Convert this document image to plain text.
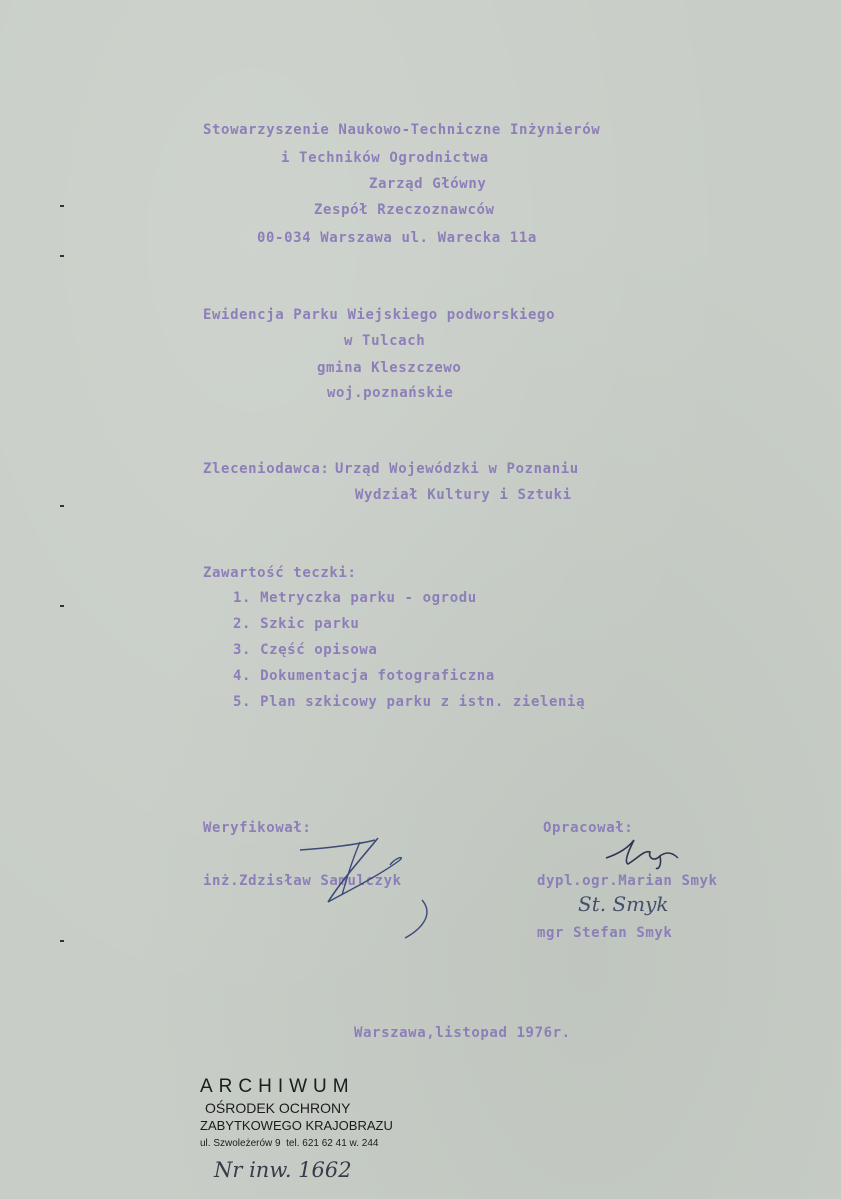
Stowarzyszenie Naukowo-Techniczne Inżynierów

i Techników Ogrodnictwa

Zarząd Główny

Zespół Rzeczoznawców

00-034 Warszawa ul. Warecka 11a

Ewidencja Parku Wiejskiego podworskiego

w Tulcach

gmina Kleszczewo

woj.poznańskie

Zleceniodawca: Urząd Wojewódzki w Poznaniu

Wydział Kultury i Sztuki

Zawartość teczki:

1. Metryczka parku - ogrodu

2. Szkic parku

3. Część opisowa

4. Dokumentacja fotograficzna

5. Plan szkicowy parku z istn. zielenią

Weryfikował:

inż.Zdzisław Samulczyk

Opracował:

dypl.ogr.Marian Smyk

mgr Stefan Smyk

St. Smyk

Warszawa,listopad 1976r.

ARCHIWUM

OŚRODEK OCHRONY

ZABYTKOWEGO KRAJOBRAZU

ul. Szwoleżerów 9  tel. 621 62 41 w. 244

Nr inw. 1662
